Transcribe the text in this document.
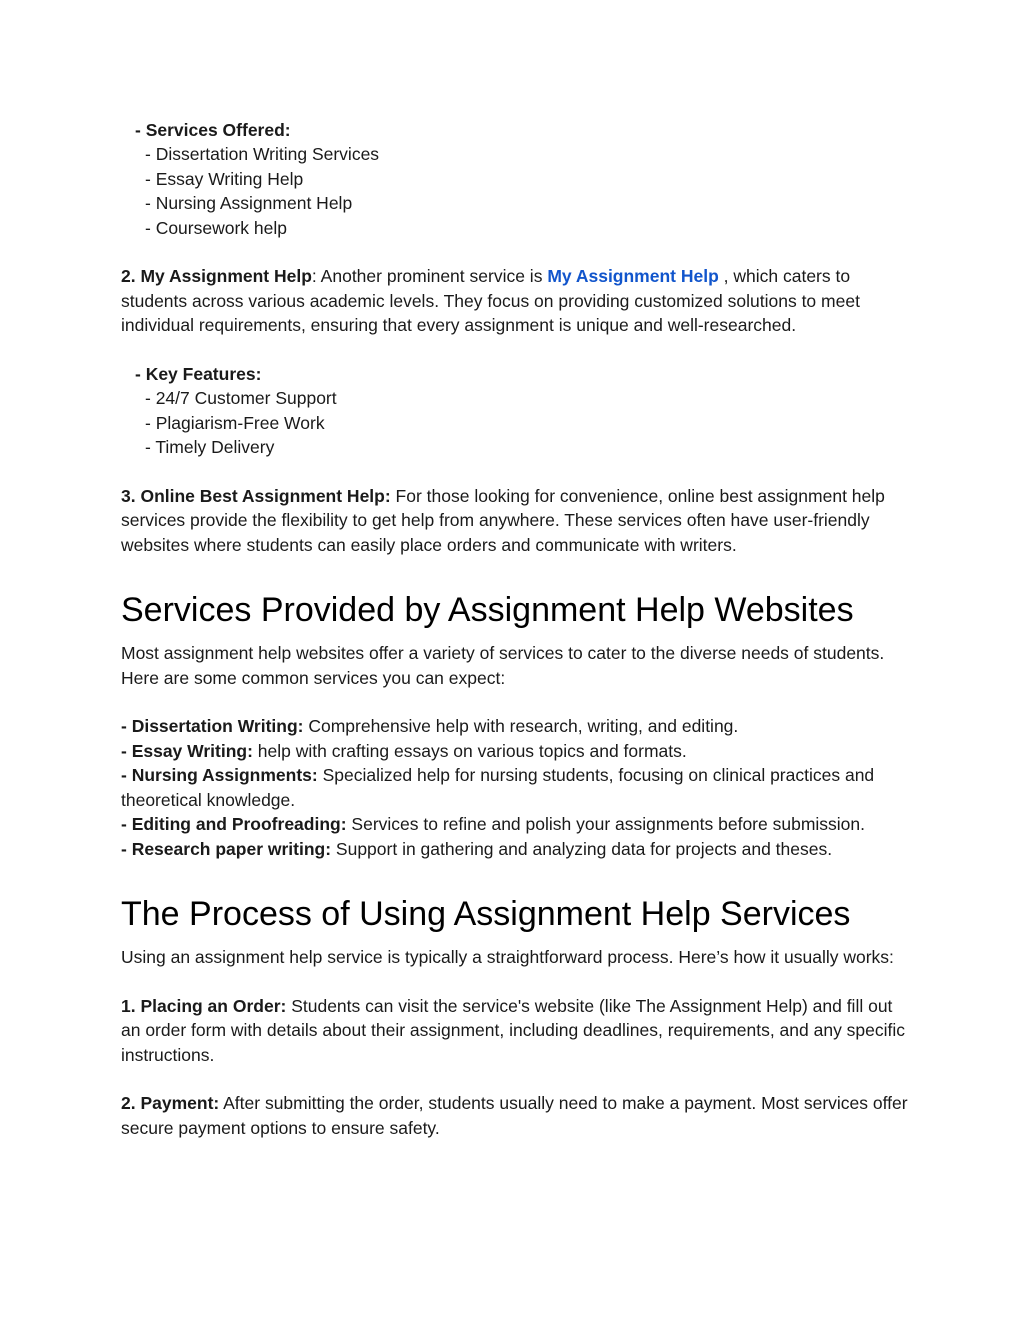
- Services Offered:
- Dissertation Writing Services
- Essay Writing Help
- Nursing Assignment Help
- Coursework help
2. My Assignment Help: Another prominent service is My Assignment Help , which caters to students across various academic levels. They focus on providing customized solutions to meet individual requirements, ensuring that every assignment is unique and well-researched.
- Key Features:
- 24/7 Customer Support
- Plagiarism-Free Work
- Timely Delivery
3. Online Best Assignment Help: For those looking for convenience, online best assignment help services provide the flexibility to get help from anywhere. These services often have user-friendly websites where students can easily place orders and communicate with writers.
Services Provided by Assignment Help Websites
Most assignment help websites offer a variety of services to cater to the diverse needs of students. Here are some common services you can expect:
- Dissertation Writing: Comprehensive help with research, writing, and editing.
- Essay Writing: help with crafting essays on various topics and formats.
- Nursing Assignments: Specialized help for nursing students, focusing on clinical practices and theoretical knowledge.
- Editing and Proofreading: Services to refine and polish your assignments before submission.
- Research paper writing: Support in gathering and analyzing data for projects and theses.
The Process of Using Assignment Help Services
Using an assignment help service is typically a straightforward process. Here’s how it usually works:
1. Placing an Order: Students can visit the service's website (like The Assignment Help) and fill out an order form with details about their assignment, including deadlines, requirements, and any specific instructions.
2. Payment: After submitting the order, students usually need to make a payment. Most services offer secure payment options to ensure safety.
